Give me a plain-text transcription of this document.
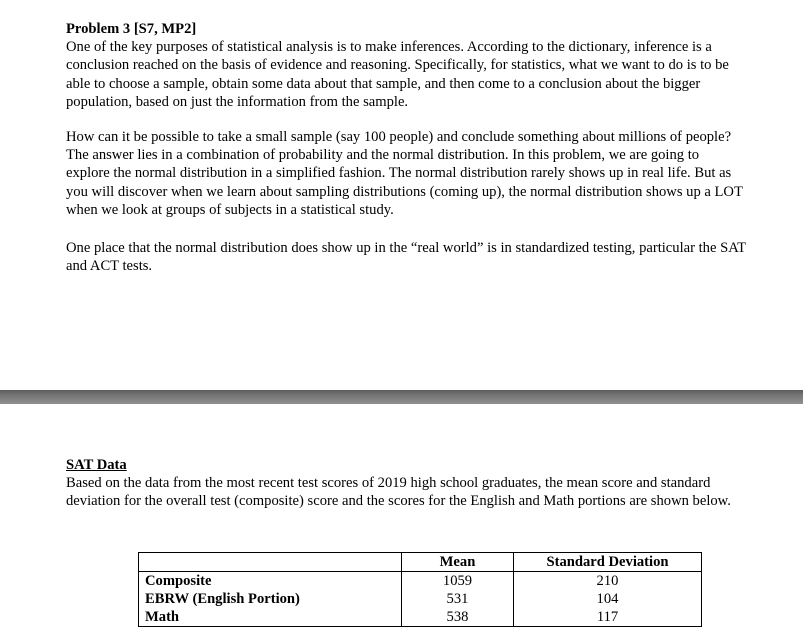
Problem 3 [S7, MP2]

One of the key purposes of statistical analysis is to make inferences. According to the dictionary, inference is a conclusion reached on the basis of evidence and reasoning. Specifically, for statistics, what we want to do is to be able to choose a sample, obtain some data about that sample, and then come to a conclusion about the bigger population, based on just the information from the sample.

How can it be possible to take a small sample (say 100 people) and conclude something about millions of people? The answer lies in a combination of probability and the normal distribution. In this problem, we are going to explore the normal distribution in a simplified fashion. The normal distribution rarely shows up in real life. But as you will discover when we learn about sampling distributions (coming up), the normal distribution shows up a LOT when we look at groups of subjects in a statistical study.

One place that the normal distribution does show up in the “real world” is in standardized testing, particular the SAT and ACT tests.

SAT Data

Based on the data from the most recent test scores of 2019 high school graduates, the mean score and standard deviation for the overall test (composite) score and the scores for the English and Math portions are shown below.

	Mean	Standard Deviation
Composite	1059	210
EBRW (English Portion)	531	104
Math	538	117
